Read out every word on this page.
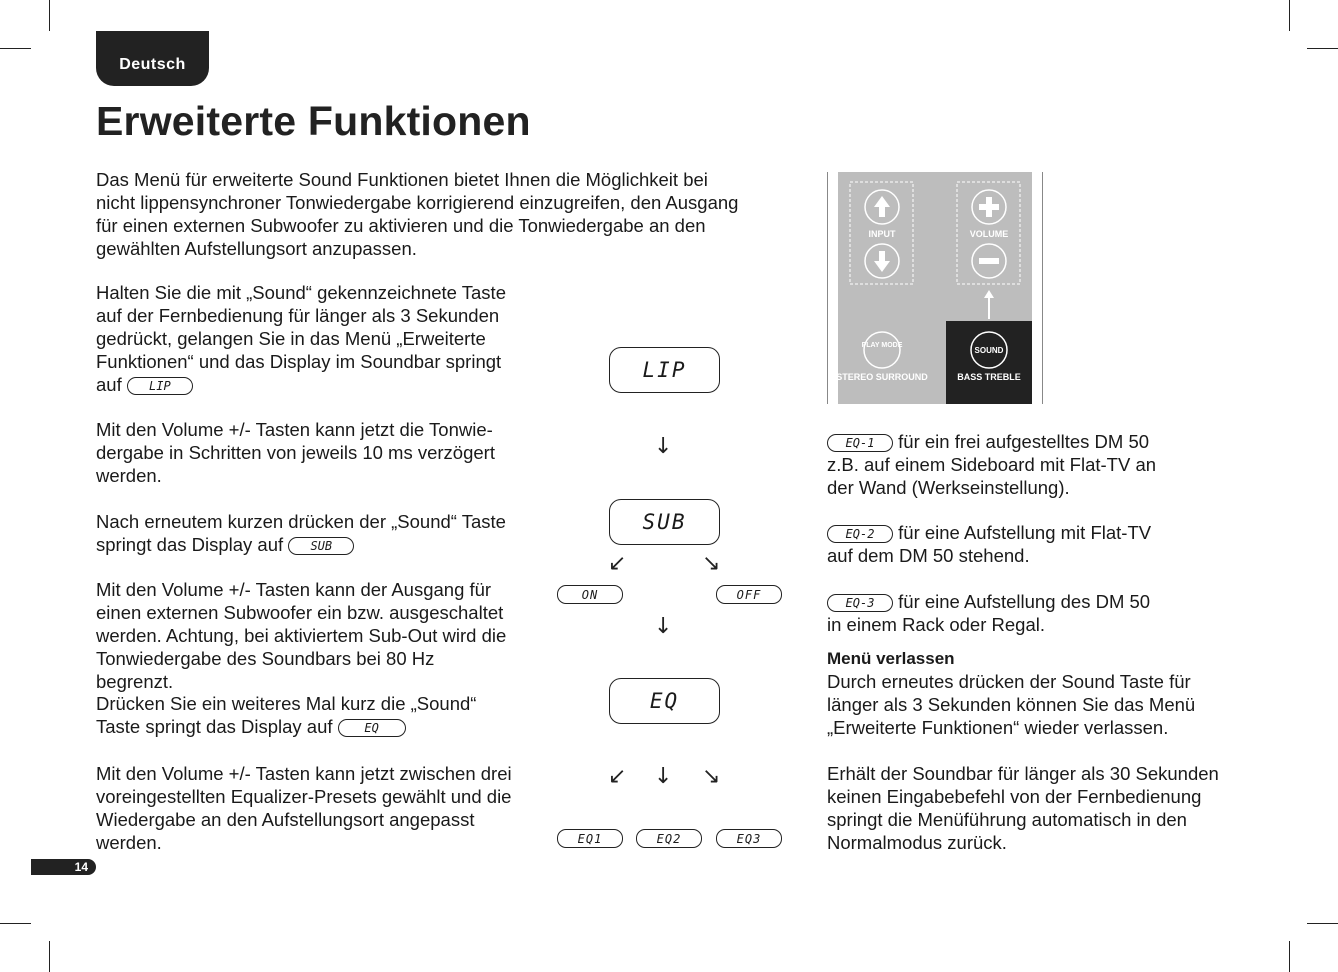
Deutsch
Erweiterte Funktionen

Das Menü für erweiterte Sound Funktionen bietet Ihnen die Möglichkeit bei nicht lippensynchroner Tonwiedergabe korrigierend einzugreifen, den Ausgang für einen externen Subwoofer zu aktivieren und die Tonwiedergabe an den gewählten Aufstellungsort anzupassen.

Halten Sie die mit „Sound“ gekennzeichnete Taste auf der Fernbedienung für länger als 3 Sekunden gedrückt, gelangen Sie in das Menü „Erweiterte Funktionen“ und das Display im Soundbar springt auf LIP

Mit den Volume +/- Tasten kann jetzt die Tonwie-dergabe in Schritten von jeweils 10 ms verzögert werden.

Nach erneutem kurzen drücken der „Sound“ Taste springt das Display auf SUB

Mit den Volume +/- Tasten kann der Ausgang für einen externen Subwoofer ein bzw. ausgeschaltet werden. Achtung, bei aktiviertem Sub-Out wird die Tonwiedergabe des Soundbars bei 80 Hz begrenzt.

Drücken Sie ein weiteres Mal kurz die „Sound“ Taste springt das Display auf	EQ

Mit den Volume +/- Tasten kann jetzt zwischen drei voreingestellten Equalizer-Presets gewählt und die Wiedergabe an den Aufstellungsort angepasst werden.

LIP
↓
SUB
↙	↘
ON	OFF
↓
EQ
↙ ↓ ↘
EQ1	EQ2	EQ3
INPUT	VOLUME
PLAY MODE
STEREO SURROUND
SOUND
BASS TREBLE

EQ-1 für ein frei aufgestelltes DM 50 z.B. auf einem Sideboard mit Flat-TV an der Wand (Werkseinstellung).

EQ-2 für eine Aufstellung mit Flat-TV auf dem DM 50 stehend.

EQ-3 für eine Aufstellung des DM 50 in einem Rack oder Regal.

Menü verlassen

Durch erneutes drücken der Sound Taste für länger als 3 Sekunden können Sie das Menü „Erweiterte Funktionen“ wieder verlassen.

Erhält der Soundbar für länger als 30 Sekunden keinen Eingabebefehl von der Fernbedienung springt die Menüführung automatisch in den Normalmodus zurück.

14
